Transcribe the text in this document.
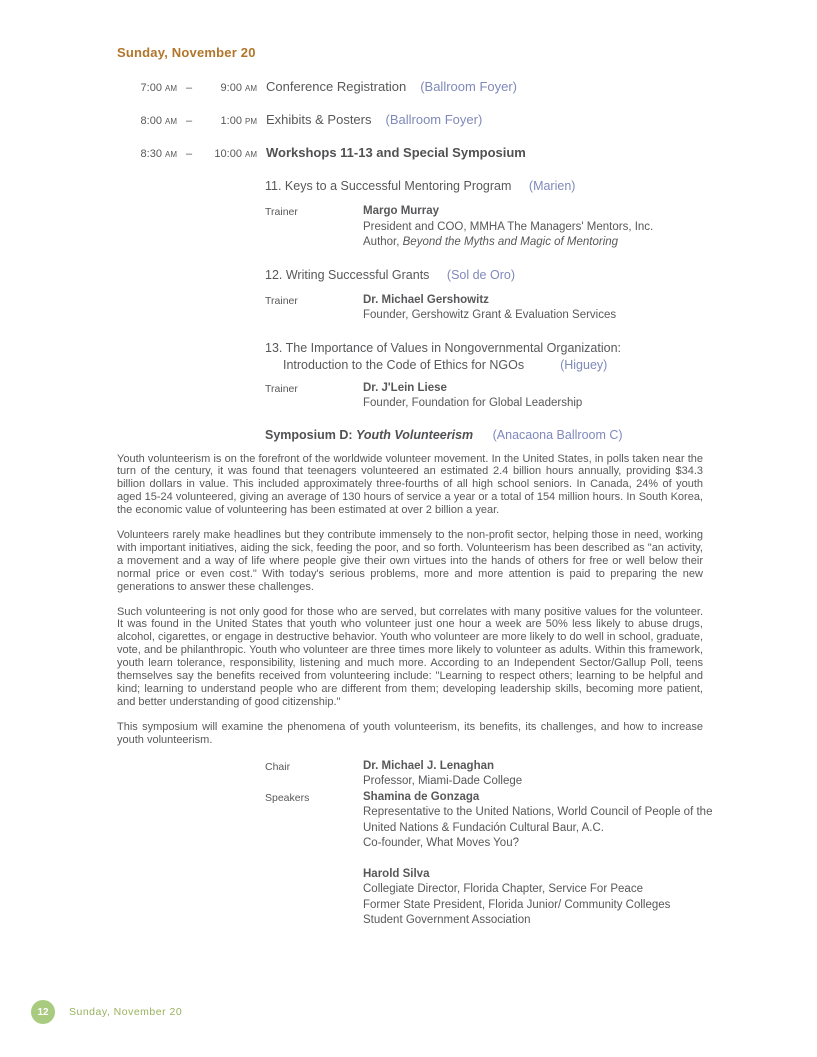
Sunday, November 20
7:00 am –	9:00 am Conference Registration (Ballroom Foyer)
8:00 am –	1:00 pm Exhibits & Posters (Ballroom Foyer)
8:30 am –	10:00 am Workshops 11-13 and Special Symposium
11. Keys to a Successful Mentoring Program (Marien)
Trainer	Margo Murray
President and COO, MMHA The Managers' Mentors, Inc.
Author, Beyond the Myths and Magic of Mentoring
12. Writing Successful Grants (Sol de Oro)
Trainer	Dr. Michael Gershowitz
Founder, Gershowitz Grant & Evaluation Services
13. The Importance of Values in Nongovernmental Organization:
Introduction to the Code of Ethics for NGOs	(Higuey)
Trainer	Dr. J'Lein Liese
Founder, Foundation for Global Leadership
Symposium D: Youth Volunteerism (Anacaona Ballroom C)

Youth volunteerism is on the forefront of the worldwide volunteer movement. In the United States, in polls taken near the turn of the century, it was found that teenagers volunteered an estimated 2.4 billion hours annually, providing $34.3 billion dollars in value. This included approximately three-fourths of all high school seniors. In Canada, 24% of youth aged 15-24 volunteered, giving an average of 130 hours of service a year or a total of 154 million hours. In South Korea, the economic value of volunteering has been estimated at over 2 billion a year.

Volunteers rarely make headlines but they contribute immensely to the non-profit sector, helping those in need, working with important initiatives, aiding the sick, feeding the poor, and so forth. Volunteerism has been described as "an activity, a movement and a way of life where people give their own virtues into the hands of others for free or well below their normal price or even cost." With today's serious problems, more and more attention is paid to preparing the new generations to answer these challenges.

Such volunteering is not only good for those who are served, but correlates with many positive values for the volunteer. It was found in the United States that youth who volunteer just one hour a week are 50% less likely to abuse drugs, alcohol, cigarettes, or engage in destructive behavior. Youth who volunteer are more likely to do well in school, graduate, vote, and be philanthropic. Youth who volunteer are three times more likely to volunteer as adults. Within this framework, youth learn tolerance, responsibility, listening and much more. According to an Independent Sector/Gallup Poll, teens themselves say the benefits received from volunteering include: "Learning to respect others; learning to be helpful and kind; learning to understand people who are different from them; developing leadership skills, becoming more patient, and better understanding of good citizenship."

This symposium will examine the phenomena of youth volunteerism, its benefits, its challenges, and how to increase youth volunteerism.

Chair	Dr. Michael J. Lenaghan
Professor, Miami-Dade College
Speakers	Shamina de Gonzaga
Representative to the United Nations, World Council of People of the
United Nations & Fundación Cultural Baur, A.C.
Co-founder, What Moves You?
Harold Silva
Collegiate Director, Florida Chapter, Service For Peace
Former State President, Florida Junior/ Community Colleges
Student Government Association
12	Sunday, November 20
